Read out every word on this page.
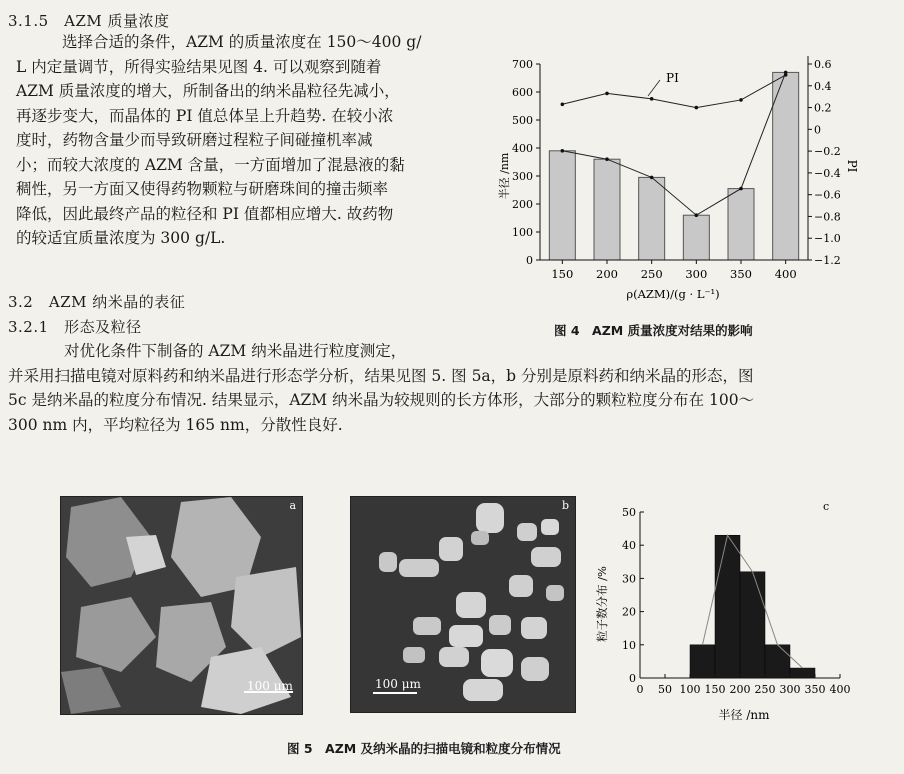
3.1.5　AZM 质量浓度
选择合适的条件，AZM 的质量浓度在 150～400 g/
L 内定量调节，所得实验结果见图 4. 可以观察到随着
AZM 质量浓度的增大，所制备出的纳米晶粒径先减小，
再逐步变大，而晶体的 PI 值总体呈上升趋势. 在较小浓
度时，药物含量少而导致研磨过程粒子间碰撞机率减
小；而较大浓度的 AZM 含量，一方面增加了混悬液的黏
稠性，另一方面又使得药物颗粒与研磨珠间的撞击频率
降低，因此最终产品的粒径和 PI 值都相应增大. 故药物
的较适宜质量浓度为 300 g/L.
3.2　AZM 纳米晶的表征
3.2.1　形态及粒径
对优化条件下制备的 AZM 纳米晶进行粒度测定，
并采用扫描电镜对原料药和纳米晶进行形态学分析，结果见图 5. 图 5a，b 分别是原料药和纳米晶的形态，图
5c 是纳米晶的粒度分布情况. 结果显示，AZM 纳米晶为较规则的长方体形，大部分的颗粒粒度分布在 100～
300 nm 内，平均粒径为 165 nm，分散性良好.
0
100
200
300
400
500
600
700	0.6
0.4
0.2
0
−0.2
−0.4
−0.6
−0.8
−1.0
−1.2
150 200 250 300 350 400
PI
半径 /nm	PI
ρ(AZM)/(g · L⁻¹)
图 4　AZM 质量浓度对结果的影响
a
100 μm
b
100 μm	0
10
20
30
40
50
0 50 100 150 200 250 300 350 400
c
粒子数分布 /%
半径 /nm
图 5　AZM 及纳米晶的扫描电镜和粒度分布情况
